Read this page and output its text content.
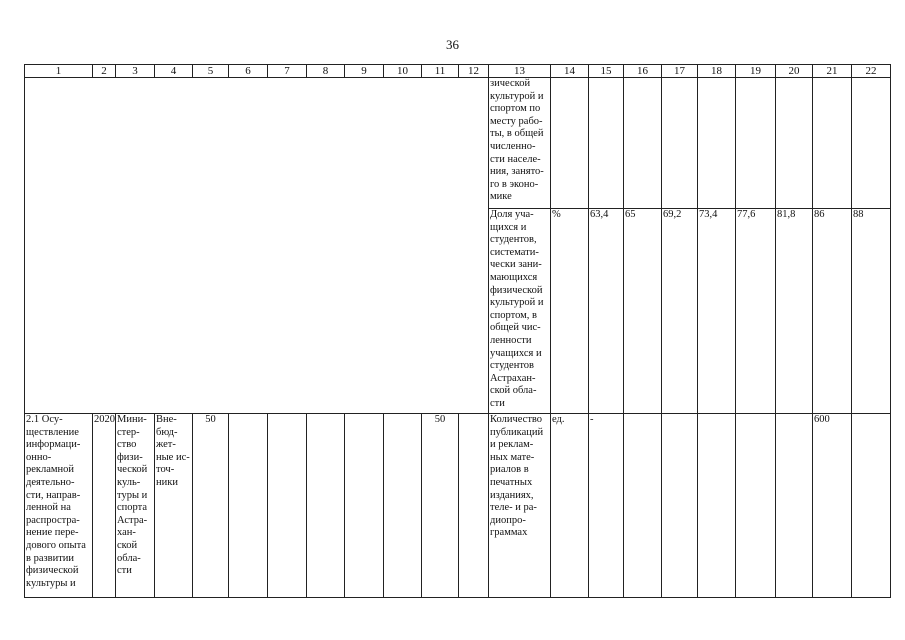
36
1	2	3	4	5	6	7	8	9	10	11	12	13	14	15	16	17	18	19	20	21	22
												зической культурой и спортом по месту рабо-ты, в общей численно-сти населе-ния, занято-го в эконо-мике									
												Доля уча-щихся и студентов, системати-чески зани-мающихся физической культурой и спортом, в общей чис-ленности учащихся и студентов Астрахан-ской обла-сти	%	63,4	65	69,2	73,4	77,6	81,8	86	88
2.1 Осу-ществление информаци-онно-рекламной деятельно-сти, направ-ленной на распростра-нение пере-дового опыта в развитии физической культуры и	2020	Мини-стер-ство физи-ческой куль-туры и спорта Астра-хан-ской обла-сти	Вне-бюд-жет-ные ис-точ-ники	50						50		Количество публикаций и реклам-ных мате-риалов в печатных изданиях, теле- и ра-диопро-граммах	ед.	-						600	
